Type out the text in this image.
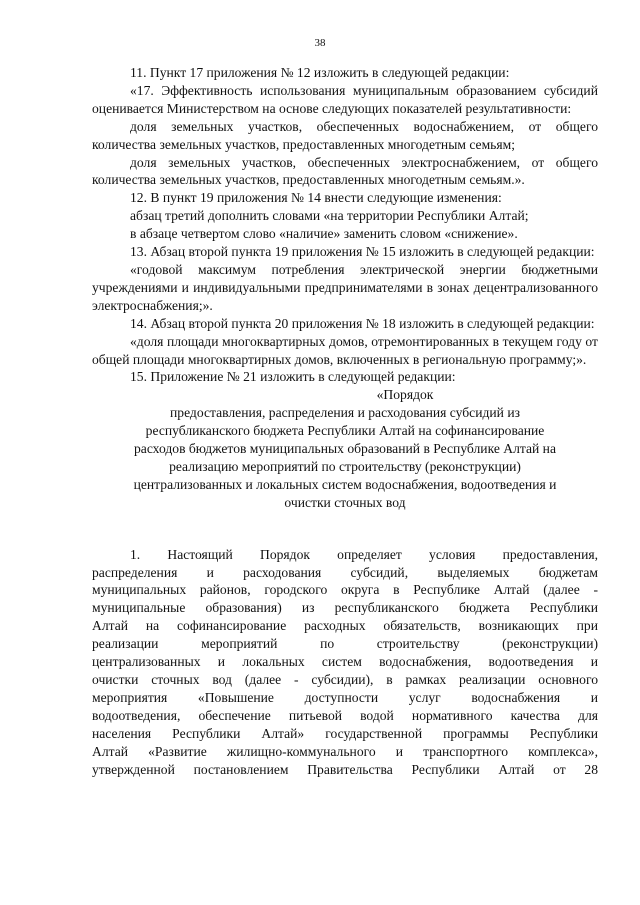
38

11. Пункт 17 приложения № 12 изложить в следующей редакции:

«17. Эффективность использования муниципальным образованием субсидий оценивается Министерством на основе следующих показателей результативности:

доля земельных участков, обеспеченных водоснабжением, от общего количества земельных участков, предоставленных многодетным семьям;

доля земельных участков, обеспеченных электроснабжением, от общего количества земельных участков, предоставленных многодетным семьям.».

12. В пункт 19 приложения № 14 внести следующие изменения:

абзац третий дополнить словами «на территории Республики Алтай;

в абзаце четвертом слово «наличие» заменить словом «снижение».

13. Абзац второй пункта 19 приложения № 15 изложить в следующей редакции:

«годовой максимум потребления электрической энергии бюджетными учреждениями и индивидуальными предпринимателями в зонах децентрализованного электроснабжения;».

14. Абзац второй пункта 20 приложения № 18 изложить в следующей редакции:

«доля площади многоквартирных домов, отремонтированных в текущем году от общей площади многоквартирных домов, включенных в региональную программу;».

15. Приложение № 21 изложить в следующей редакции:

«Порядок
предоставления, распределения и расходования субсидий из
республиканского бюджета Республики Алтай на софинансирование
расходов бюджетов муниципальных образований в Республике Алтай на
реализацию мероприятий по строительству (реконструкции)
централизованных и локальных систем водоснабжения, водоотведения и
очистки сточных вод

1. Настоящий Порядок определяет условия предоставления,

распределения и расходования субсидий, выделяемых бюджетам

муниципальных районов, городского округа в Республике Алтай (далее -

муниципальные образования) из республиканского бюджета Республики

Алтай на софинансирование расходных обязательств, возникающих при

реализации мероприятий по строительству (реконструкции)

централизованных и локальных систем водоснабжения, водоотведения и

очистки сточных вод (далее - субсидии), в рамках реализации основного

мероприятия «Повышение доступности услуг водоснабжения и

водоотведения, обеспечение питьевой водой нормативного качества для

населения Республики Алтай» государственной программы Республики

Алтай «Развитие жилищно-коммунального и транспортного комплекса»,

утвержденной постановлением Правительства Республики Алтай от 28
